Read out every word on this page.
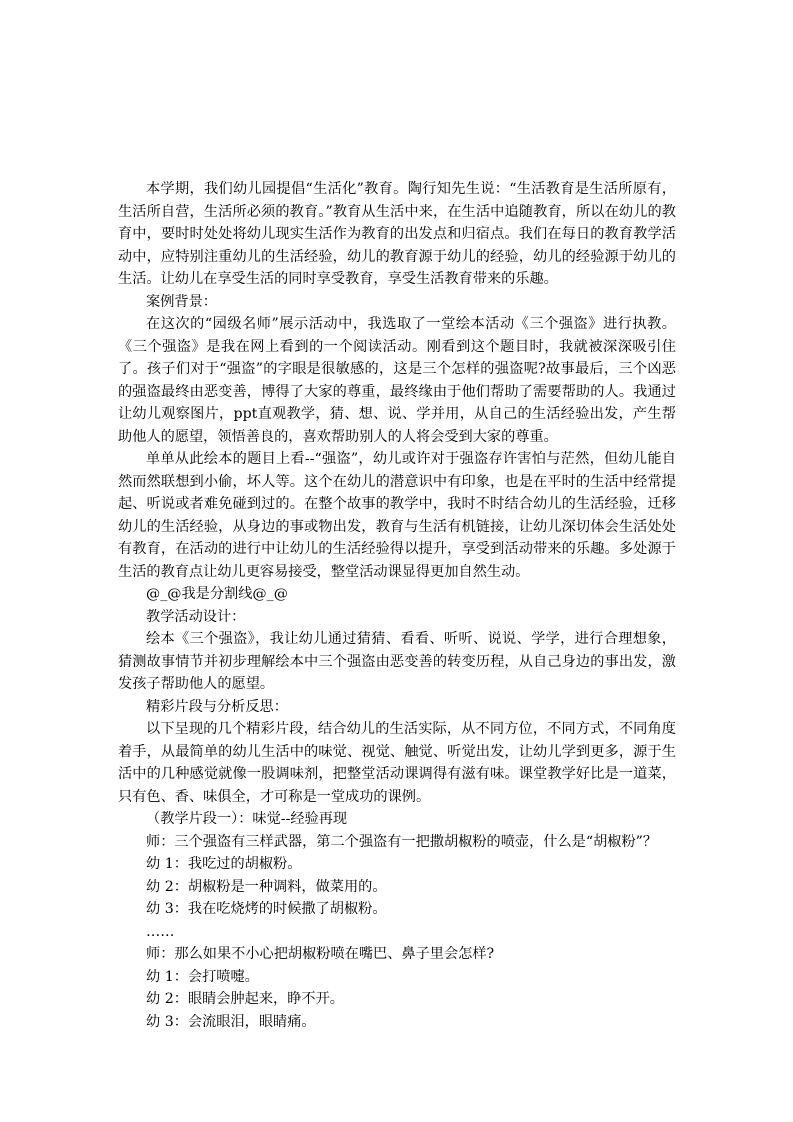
本学期，我们幼儿园提倡“生活化”教育。陶行知先生说：“生活教育是生活所原有，生活所自营，生活所必须的教育。”教育从生活中来，在生活中追随教育，所以在幼儿的教育中，要时时处处将幼儿现实生活作为教育的出发点和归宿点。我们在每日的教育教学活动中，应特别注重幼儿的生活经验，幼儿的教育源于幼儿的经验，幼儿的经验源于幼儿的生活。让幼儿在享受生活的同时享受教育，享受生活教育带来的乐趣。

案例背景：

在这次的“园级名师”展示活动中，我选取了一堂绘本活动《三个强盗》进行执教。《三个强盗》是我在网上看到的一个阅读活动。刚看到这个题目时，我就被深深吸引住了。孩子们对于“强盗”的字眼是很敏感的，这是三个怎样的强盗呢?故事最后，三个凶恶的强盗最终由恶变善，博得了大家的尊重，最终缘由于他们帮助了需要帮助的人。我通过让幼儿观察图片，ppt直观教学，猜、想、说、学并用，从自己的生活经验出发，产生帮助他人的愿望，领悟善良的，喜欢帮助别人的人将会受到大家的尊重。

单单从此绘本的题目上看--“强盗”，幼儿或许对于强盗存许害怕与茫然，但幼儿能自然而然联想到小偷，坏人等。这个在幼儿的潜意识中有印象，也是在平时的生活中经常提起、听说或者难免碰到过的。在整个故事的教学中，我时不时结合幼儿的生活经验，迁移幼儿的生活经验，从身边的事或物出发，教育与生活有机链接，让幼儿深切体会生活处处有教育，在活动的进行中让幼儿的生活经验得以提升，享受到活动带来的乐趣。多处源于生活的教育点让幼儿更容易接受，整堂活动课显得更加自然生动。

@_@我是分割线@_@

教学活动设计：

绘本《三个强盗》，我让幼儿通过猜猜、看看、听听、说说、学学，进行合理想象，猜测故事情节并初步理解绘本中三个强盗由恶变善的转变历程，从自己身边的事出发，激发孩子帮助他人的愿望。

精彩片段与分析反思：

以下呈现的几个精彩片段，结合幼儿的生活实际，从不同方位，不同方式，不同角度着手，从最简单的幼儿生活中的味觉、视觉、触觉、听觉出发，让幼儿学到更多，源于生活中的几种感觉就像一股调味剂，把整堂活动课调得有滋有味。课堂教学好比是一道菜，只有色、香、味俱全，才可称是一堂成功的课例。

（教学片段一）：味觉--经验再现

师：三个强盗有三样武器，第二个强盗有一把撒胡椒粉的喷壶，什么是“胡椒粉”？

幼 1：我吃过的胡椒粉。

幼 2：胡椒粉是一种调料，做菜用的。

幼 3：我在吃烧烤的时候撒了胡椒粉。

……

师：那么如果不小心把胡椒粉喷在嘴巴、鼻子里会怎样?

幼 1：会打喷嚏。

幼 2：眼睛会肿起来，睁不开。

幼 3：会流眼泪，眼睛痛。
